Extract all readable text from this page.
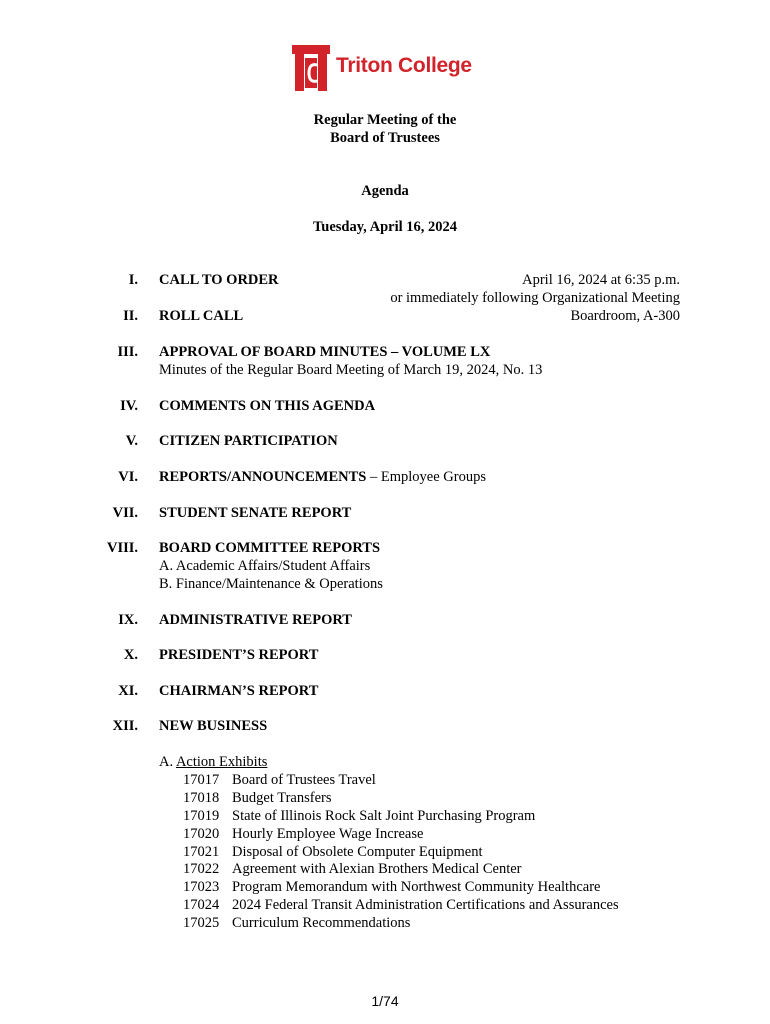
Triton College
Regular Meeting of the
Board of Trustees
Agenda
Tuesday, April 16, 2024
April 16, 2024 at 6:35 p.m.
or immediately following Organizational Meeting
Boardroom, A-300
I. CALL TO ORDER
II. ROLL CALL
III. APPROVAL OF BOARD MINUTES – VOLUME LX
Minutes of the Regular Board Meeting of March 19, 2024, No. 13
IV. COMMENTS ON THIS AGENDA
V. CITIZEN PARTICIPATION
VI. REPORTS/ANNOUNCEMENTS – Employee Groups
VII. STUDENT SENATE REPORT
VIII. BOARD COMMITTEE REPORTS
A. Academic Affairs/Student Affairs
B. Finance/Maintenance & Operations
IX. ADMINISTRATIVE REPORT
X. PRESIDENT’S REPORT
XI. CHAIRMAN’S REPORT
XII. NEW BUSINESS
A. Action Exhibits
17017 Board of Trustees Travel
17018 Budget Transfers
17019 State of Illinois Rock Salt Joint Purchasing Program
17020 Hourly Employee Wage Increase
17021 Disposal of Obsolete Computer Equipment
17022 Agreement with Alexian Brothers Medical Center
17023 Program Memorandum with Northwest Community Healthcare
17024 2024 Federal Transit Administration Certifications and Assurances
17025 Curriculum Recommendations
1/74
